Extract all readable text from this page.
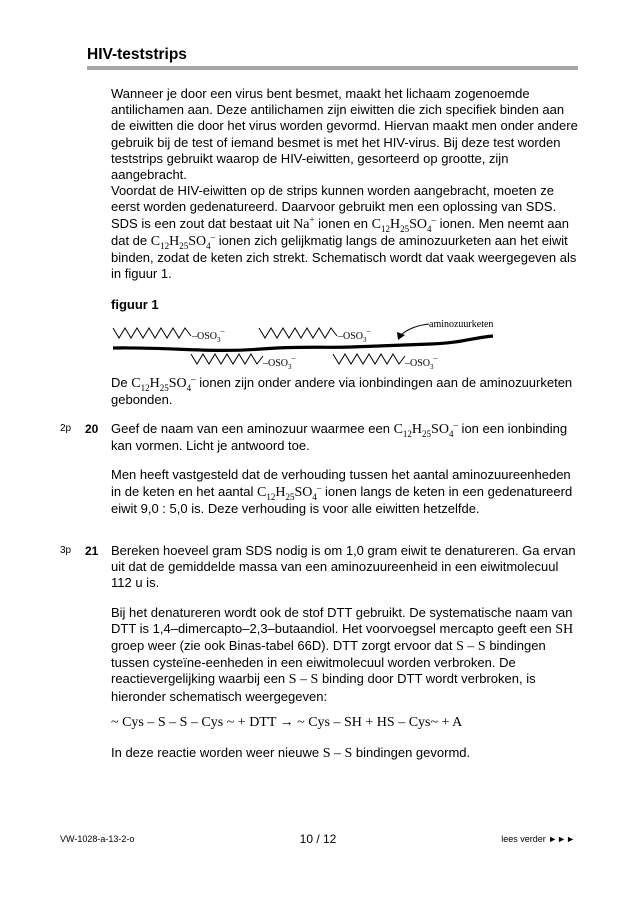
HIV-teststrips

Wanneer je door een virus bent besmet, maakt het lichaam zogenoemde antilichamen aan. Deze antilichamen zijn eiwitten die zich specifiek binden aan de eiwitten die door het virus worden gevormd. Hiervan maakt men onder andere gebruik bij de test of iemand besmet is met het HIV-virus. Bij deze test worden teststrips gebruikt waarop de HIV-eiwitten, gesorteerd op grootte, zijn aangebracht.

Voordat de HIV-eiwitten op de strips kunnen worden aangebracht, moeten ze eerst worden gedenatureerd. Daarvoor gebruikt men een oplossing van SDS. SDS is een zout dat bestaat uit Na+ ionen en $C_{12}H_{25}SO_4^-$ ionen. Men neemt aan dat de $C_{12}H_{25}SO_4^-$ ionen zich gelijkmatig langs de aminozuurketen aan het eiwit binden, zodat de keten zich strekt. Schematisch wordt dat vaak weergegeven als in figuur 1.

figuur 1

$-OSO_3^-$
$-OSO_3^-$
aminozuurketen
$-OSO_3^-$
$-OSO_3^-$

De $C_{12}H_{25}SO_4^-$ ionen zijn onder andere via ionbindingen aan de aminozuurketen gebonden.

2p 20 Geef de naam van een aminozuur waarmee een $C_{12}H_{25}SO_4^-$ ion een ionbinding kan vormen. Licht je antwoord toe.

Men heeft vastgesteld dat de verhouding tussen het aantal aminozuureenheden in de keten en het aantal $C_{12}H_{25}SO_4^-$ ionen langs de keten in een gedenatureerd eiwit 9,0 : 5,0 is. Deze verhouding is voor alle eiwitten hetzelfde.

3p 21 Bereken hoeveel gram SDS nodig is om 1,0 gram eiwit te denatureren. Ga ervan uit dat de gemiddelde massa van een aminozuureenheid in een eiwitmolecuul 112 u is.

Bij het denatureren wordt ook de stof DTT gebruikt. De systematische naam van DTT is 1,4–dimercapto–2,3–butaandiol. Het voorvoegsel mercapto geeft een SH groep weer (zie ook Binas-tabel 66D). DTT zorgt ervoor dat S – S bindingen tussen cysteïne-eenheden in een eiwitmolecuul worden verbroken. De reactievergelijking waarbij een S – S binding door DTT wordt verbroken, is hieronder schematisch weergegeven:

~ Cys – S – S – Cys ~ + DTT → ~ Cys – SH + HS – Cys~ + A

In deze reactie worden weer nieuwe S – S bindingen gevormd.

VW-1028-a-13-2-o	10 / 12	lees verder ►►►
